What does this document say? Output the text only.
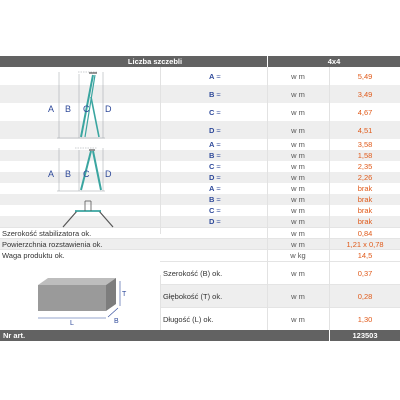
Liczba szczebli	4x4
A ≈	w m	5,49
B ≈	w m	3,49
C ≈	w m	4,67
D ≈	w m	4,51
A ≈	w m	3,58
B ≈	w m	1,58
C ≈	w m	2,35
D ≈	w m	2,26
A ≈	w m	brak
B ≈	w m	brak
C ≈	w m	brak
D ≈	w m	brak
Szerokość stabilizatora ok.	w m	0,84
Powierzchnia rozstawienia ok.	w m	1,21 x 0,78
Waga produktu ok.	w kg	14,5
Szerokość (B) ok.	w m	0,37
Głębokość (T) ok.	w m	0,28
Długość (L) ok.	w m	1,30
A B C D
A B C D
T
L	B
Nr art.	123503
